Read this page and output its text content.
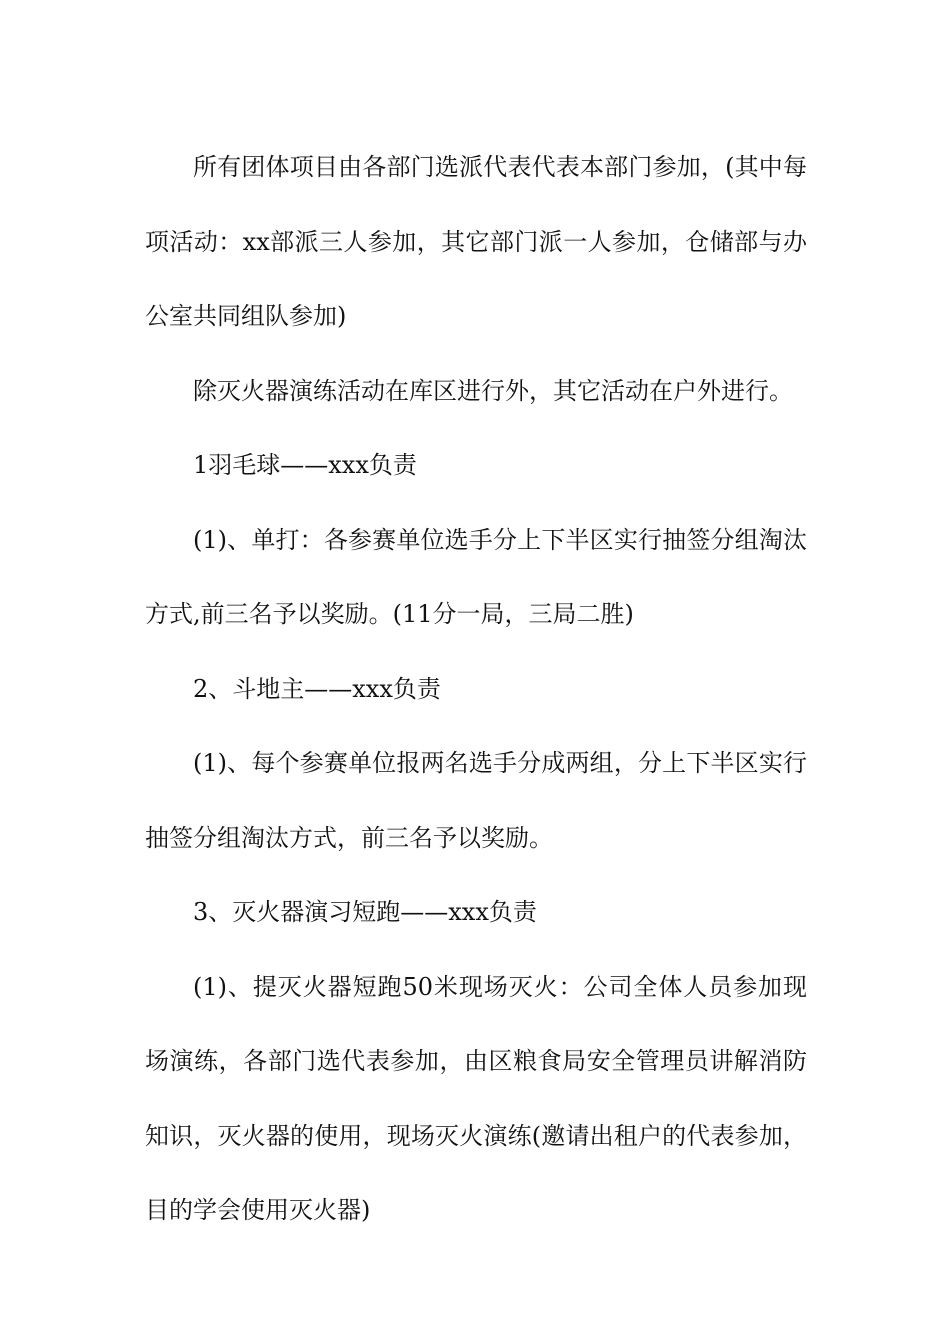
所有团体项目由各部门选派代表代表本部门参加，(其中每项活动：xx部派三人参加，其它部门派一人参加，仓储部与办公室共同组队参加)

除灭火器演练活动在库区进行外，其它活动在户外进行。

1羽毛球——xxx负责

(1)、单打：各参赛单位选手分上下半区实行抽签分组淘汰方式,前三名予以奖励。(11分一局，三局二胜)

2、斗地主——xxx负责

(1)、每个参赛单位报两名选手分成两组，分上下半区实行抽签分组淘汰方式，前三名予以奖励。

3、灭火器演习短跑——xxx负责

(1)、提灭火器短跑50米现场灭火：公司全体人员参加现场演练，各部门选代表参加，由区粮食局安全管理员讲解消防知识，灭火器的使用，现场灭火演练(邀请出租户的代表参加，目的学会使用灭火器)
